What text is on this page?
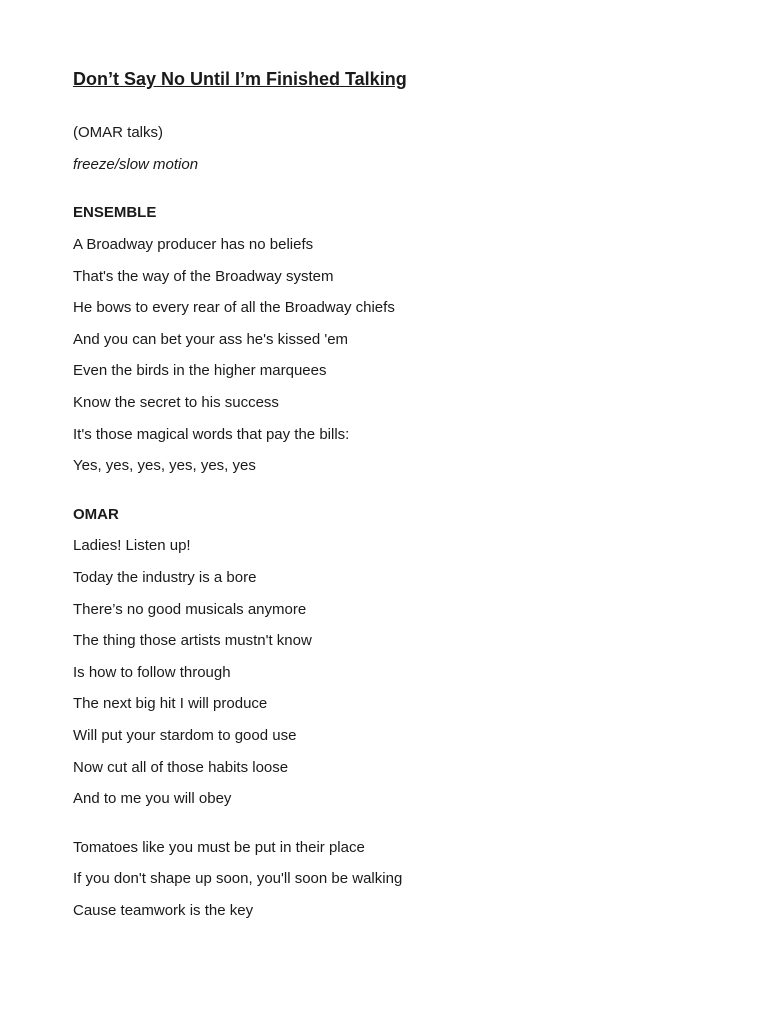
Don’t Say No Until I’m Finished Talking
(OMAR talks)
freeze/slow motion
ENSEMBLE
A Broadway producer has no beliefs
That's the way of the Broadway system
He bows to every rear of all the Broadway chiefs
And you can bet your ass he's kissed 'em
Even the birds in the higher marquees
Know the secret to his success
It's those magical words that pay the bills:
Yes, yes, yes, yes, yes, yes
OMAR
Ladies! Listen up!
Today the industry is a bore
There’s no good musicals anymore
The thing those artists mustn't know
Is how to follow through
The next big hit I will produce
Will put your stardom to good use
Now cut all of those habits loose
And to me you will obey
Tomatoes like you must be put in their place
If you don't shape up soon, you'll soon be walking
Cause teamwork is the key
